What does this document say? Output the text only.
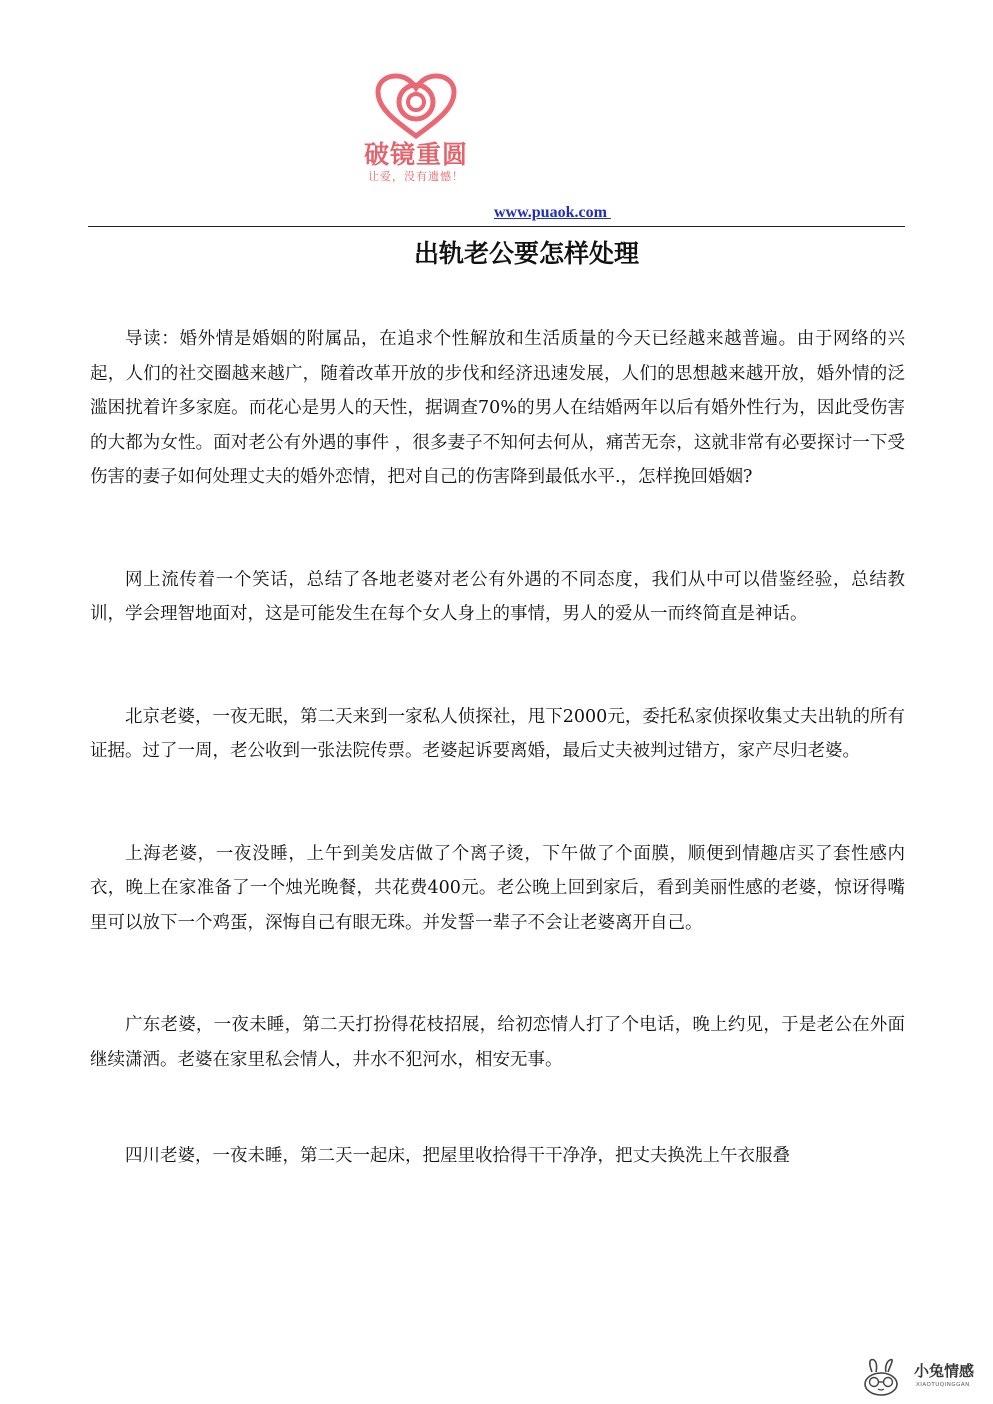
破镜重圆
让爱，没有遗憾！
www.puaok.com
出轨老公要怎样处理

导读：婚外情是婚姻的附属品，在追求个性解放和生活质量的今天已经越来越普遍。由于网络的兴起，人们的社交圈越来越广，随着改革开放的步伐和经济迅速发展，人们的思想越来越开放，婚外情的泛滥困扰着许多家庭。而花心是男人的天性，据调查70%的男人在结婚两年以后有婚外性行为，因此受伤害的大都为女性。面对老公有外遇的事件 ，很多妻子不知何去何从，痛苦无奈，这就非常有必要探讨一下受伤害的妻子如何处理丈夫的婚外恋情，把对自己的伤害降到最低水平.，怎样挽回婚姻?

网上流传着一个笑话，总结了各地老婆对老公有外遇的不同态度，我们从中可以借鉴经验，总结教训，学会理智地面对，这是可能发生在每个女人身上的事情，男人的爱从一而终简直是神话。

北京老婆，一夜无眠，第二天来到一家私人侦探社，甩下2000元，委托私家侦探收集丈夫出轨的所有证据。过了一周，老公收到一张法院传票。老婆起诉要离婚，最后丈夫被判过错方，家产尽归老婆。

上海老婆，一夜没睡，上午到美发店做了个离子烫，下午做了个面膜，顺便到情趣店买了套性感内衣，晚上在家准备了一个烛光晚餐，共花费400元。老公晚上回到家后，看到美丽性感的老婆，惊讶得嘴里可以放下一个鸡蛋，深悔自己有眼无珠。并发誓一辈子不会让老婆离开自己。

广东老婆，一夜未睡，第二天打扮得花枝招展，给初恋情人打了个电话，晚上约见，于是老公在外面继续潇洒。老婆在家里私会情人，井水不犯河水，相安无事。

四川老婆，一夜未睡，第二天一起床，把屋里收拾得干干净净，把丈夫换洗上午衣服叠

小兔情感
XIAOTUQINGGAN
